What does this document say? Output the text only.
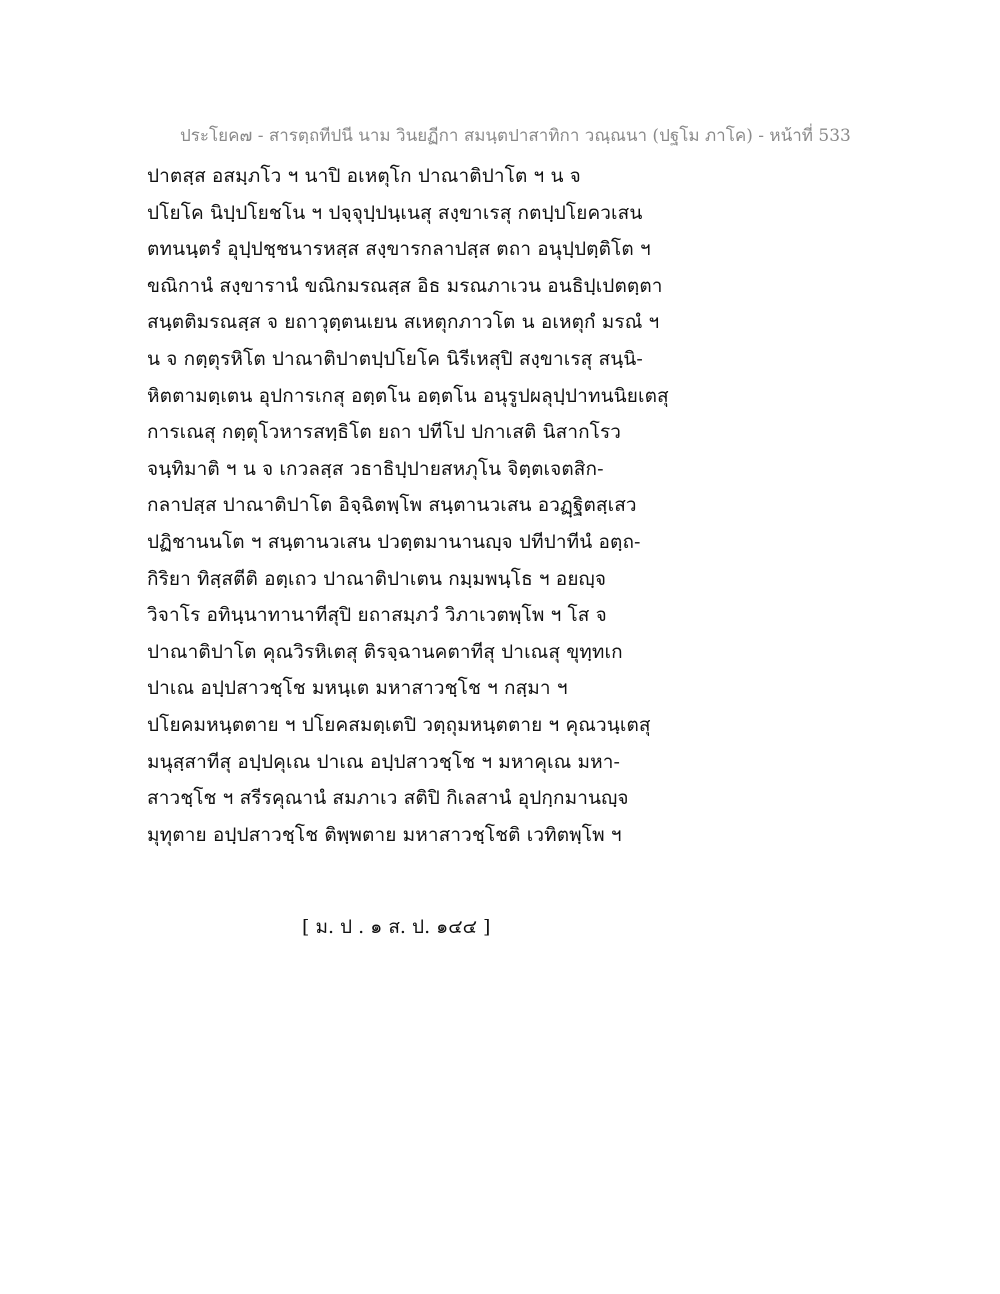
ประโยค๗ - สารตฺถทีปนี นาม วินยฏีกา สมนฺตปาสาทิกา วณฺณนา (ปฐโม ภาโค) - หน้าที่ 533
ปาตสฺส อสมฺภโว ฯ นาปิ อเหตุโก ปาณาติปาโต ฯ น จ
ปโยโค นิปฺปโยชโน ฯ ปจฺจุปฺปนฺเนสุ สงฺขาเรสุ กตปฺปโยควเสน
ตทนนฺตรํ อุปฺปชฺชนารหสฺส สงฺขารกลาปสฺส ตถา อนุปฺปตฺติโต ฯ
ขณิกานํ สงฺขารานํ ขณิกมรณสฺส อิธ มรณภาเวน อนธิปฺเปตตฺตา
สนฺตติมรณสฺส จ ยถาวุตฺตนเยน สเหตุกภาวโต น อเหตุกํ มรณํ ฯ
น จ กตฺตุรหิโต ปาณาติปาตปฺปโยโค นิรีเหสุปิ สงฺขาเรสุ สนฺนิ-
หิตตามตฺเตน อุปการเกสุ อตฺตโน อตฺตโน อนุรูปผลุปฺปาทนนิยเตสุ
การเณสุ กตฺตุโวหารสทฺธิโต ยถา ปทีโป ปกาเสติ นิสากโรว
จนฺทิมาติ ฯ น จ เกวลสฺส วธาธิปฺปายสหภุโน จิตฺตเจตสิก-
กลาปสฺส ปาณาติปาโต อิจฺฉิตพฺโพ สนฺตานวเสน อวฏฺฐิตสฺเสว
ปฏิชานนโต ฯ สนฺตานวเสน ปวตฺตมานานญฺจ ปทีปาทีนํ อตฺถ-
กิริยา ทิสฺสตีติ อตฺเถว ปาณาติปาเตน กมฺมพนฺโธ ฯ อยญฺจ
วิจาโร อทินฺนาทานาทีสุปิ ยถาสมฺภวํ วิภาเวตพฺโพ ฯ โส จ
ปาณาติปาโต คุณวิรหิเตสุ ติรจฺฉานคตาทีสุ ปาเณสุ ขุทฺทเก
ปาเณ อปฺปสาวชฺโช มหนฺเต มหาสาวชฺโช ฯ กสฺมา ฯ
ปโยคมหนฺตตาย ฯ ปโยคสมตฺเตปิ วตฺถุมหนฺตตาย ฯ คุณวนฺเตสุ
มนุสฺสาทีสุ อปฺปคุเณ ปาเณ อปฺปสาวชฺโช ฯ มหาคุเณ มหา-
สาวชฺโช ฯ สรีรคุณานํ สมภาเว สติปิ กิเลสานํ อุปกฺกมานญฺจ
มุทุตาย อปฺปสาวชฺโช ติพฺพตาย มหาสาวชฺโชติ เวทิตพฺโพ ฯ
[ ม. ป . ๑ ส. ป. ๑๔๔ ]
